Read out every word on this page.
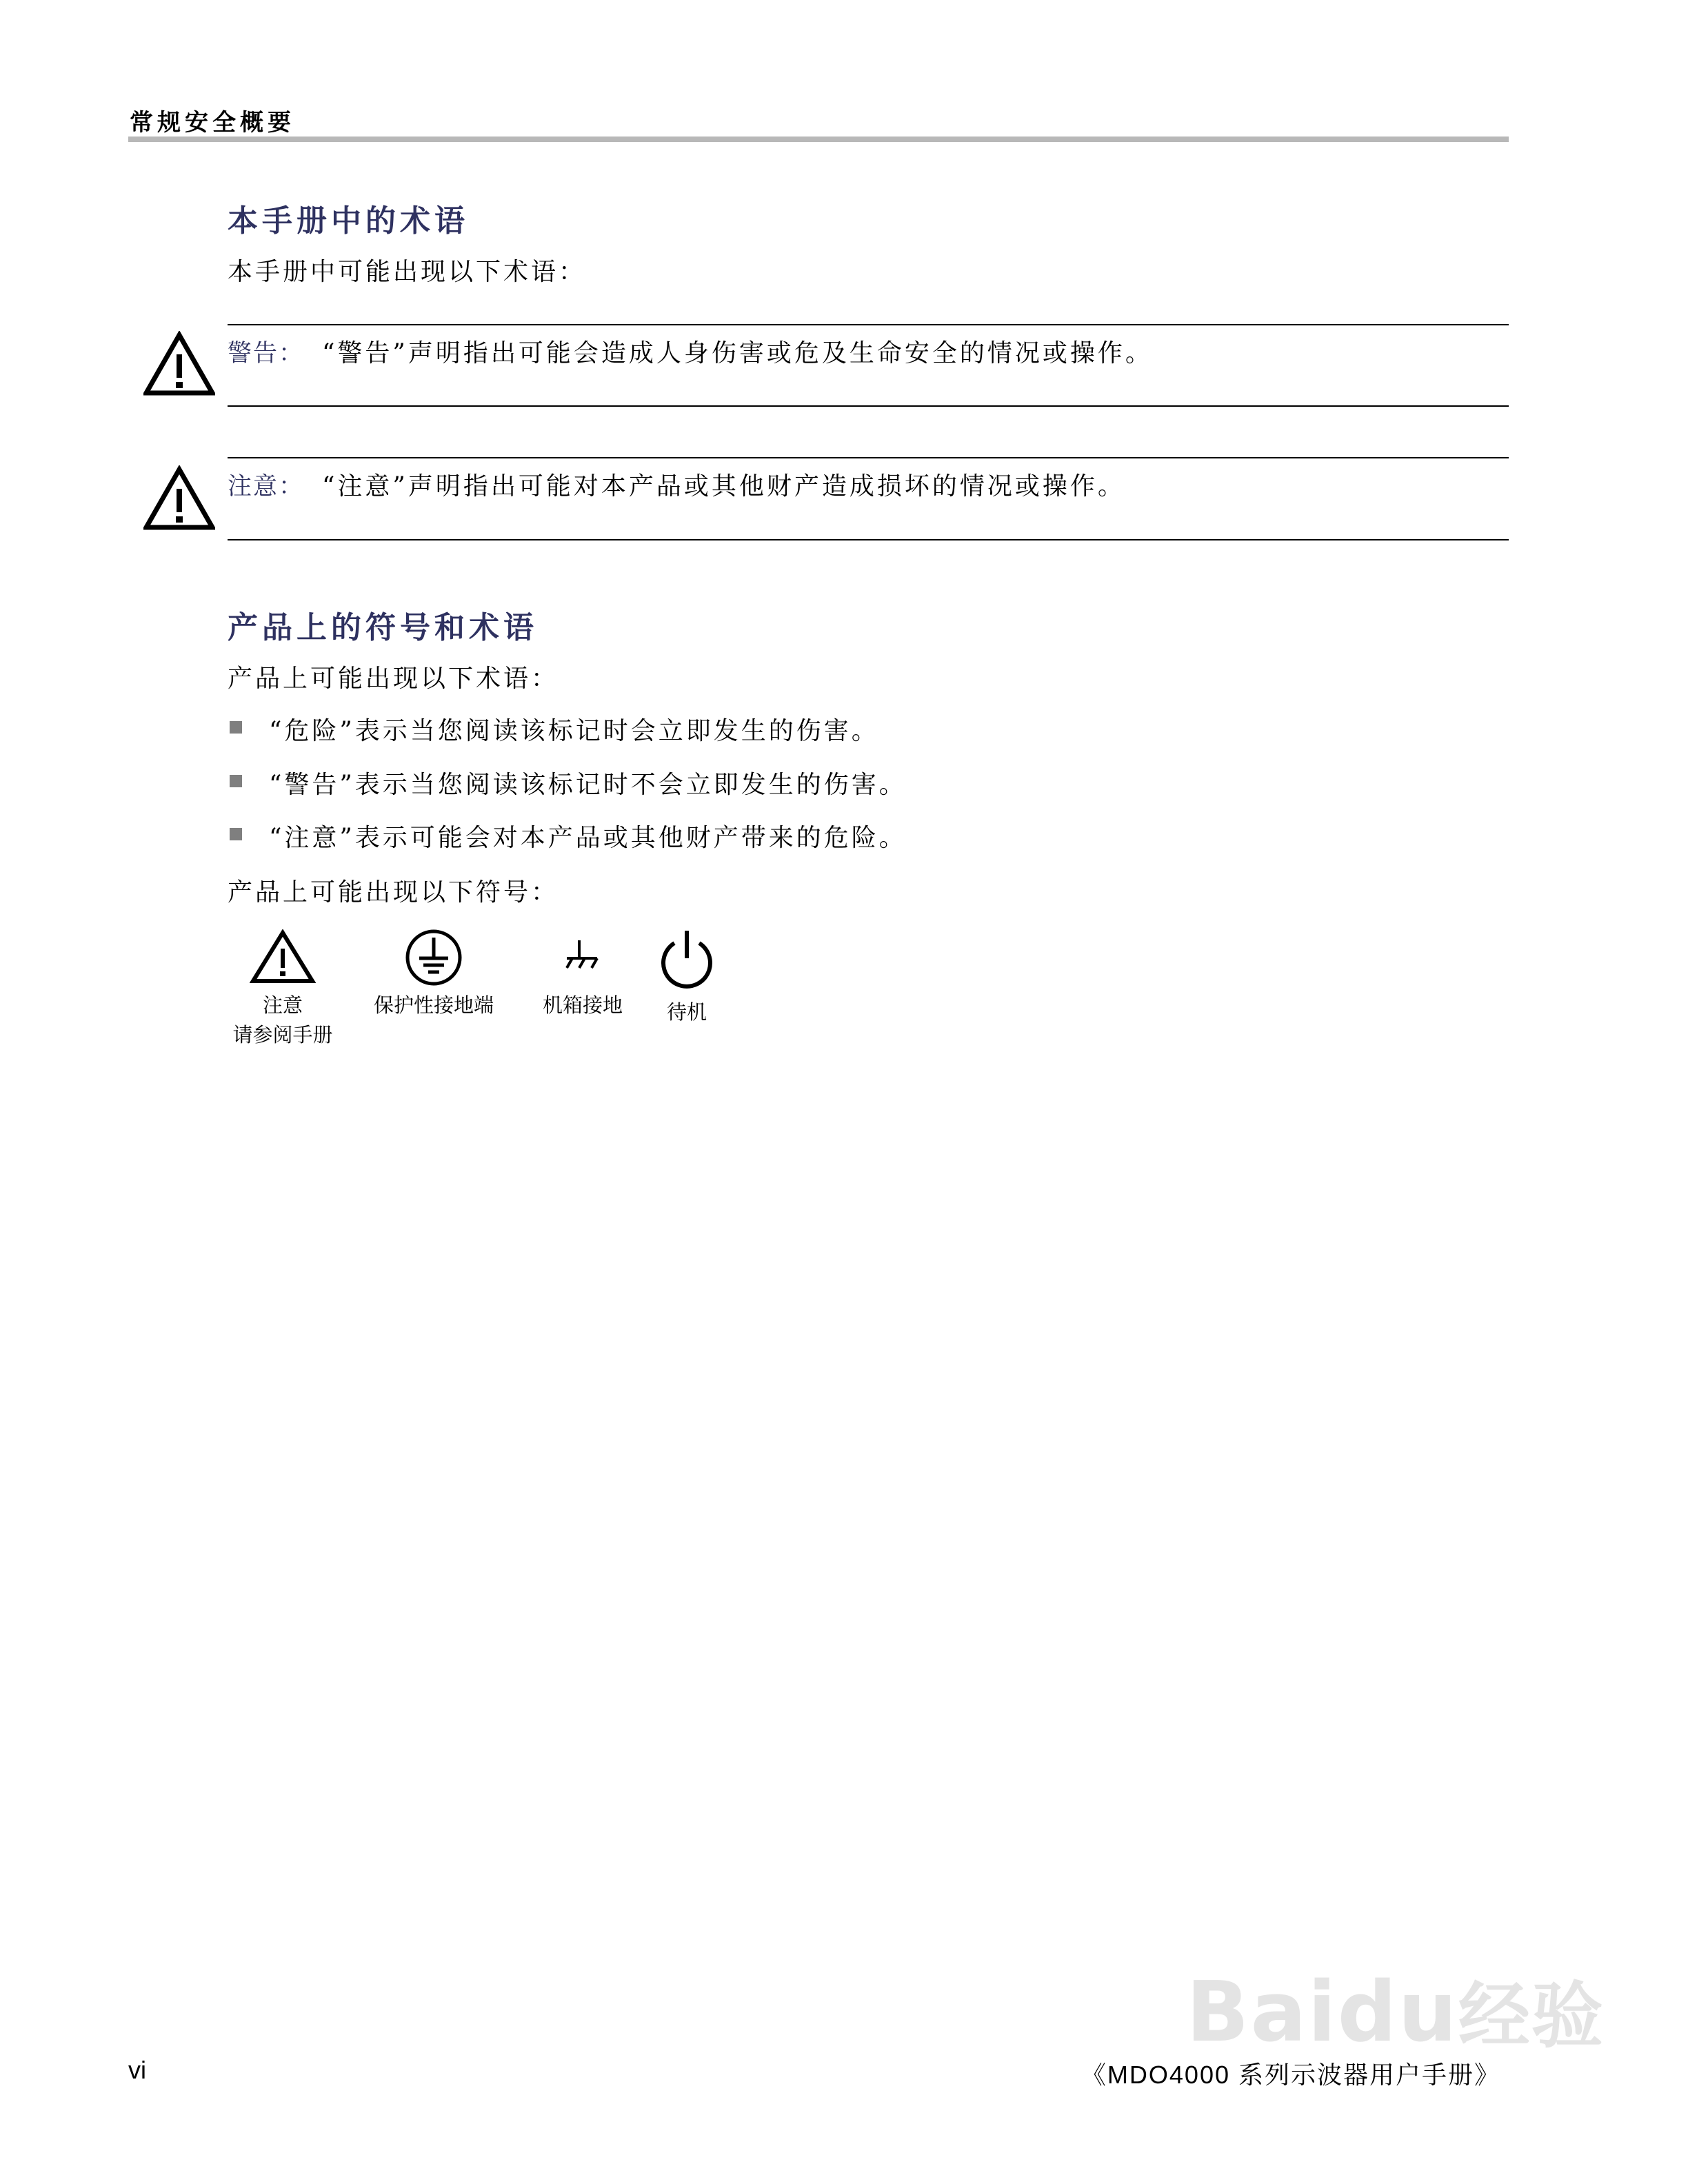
常规安全概要
本手册中的术语
本手册中可能出现以下术语：
警告： “警告”声明指出可能会造成人身伤害或危及生命安全的情况或操作。
注意： “注意”声明指出可能对本产品或其他财产造成损坏的情况或操作。
产品上的符号和术语
产品上可能出现以下术语：
“危险”表示当您阅读该标记时会立即发生的伤害。
“警告”表示当您阅读该标记时不会立即发生的伤害。
“注意”表示可能会对本产品或其他财产带来的危险。
产品上可能出现以下符号：
注意
请参阅手册
保护性接地端	机箱接地	待机
Baidu经验
vi	《MDO4000 系列示波器用户手册》
